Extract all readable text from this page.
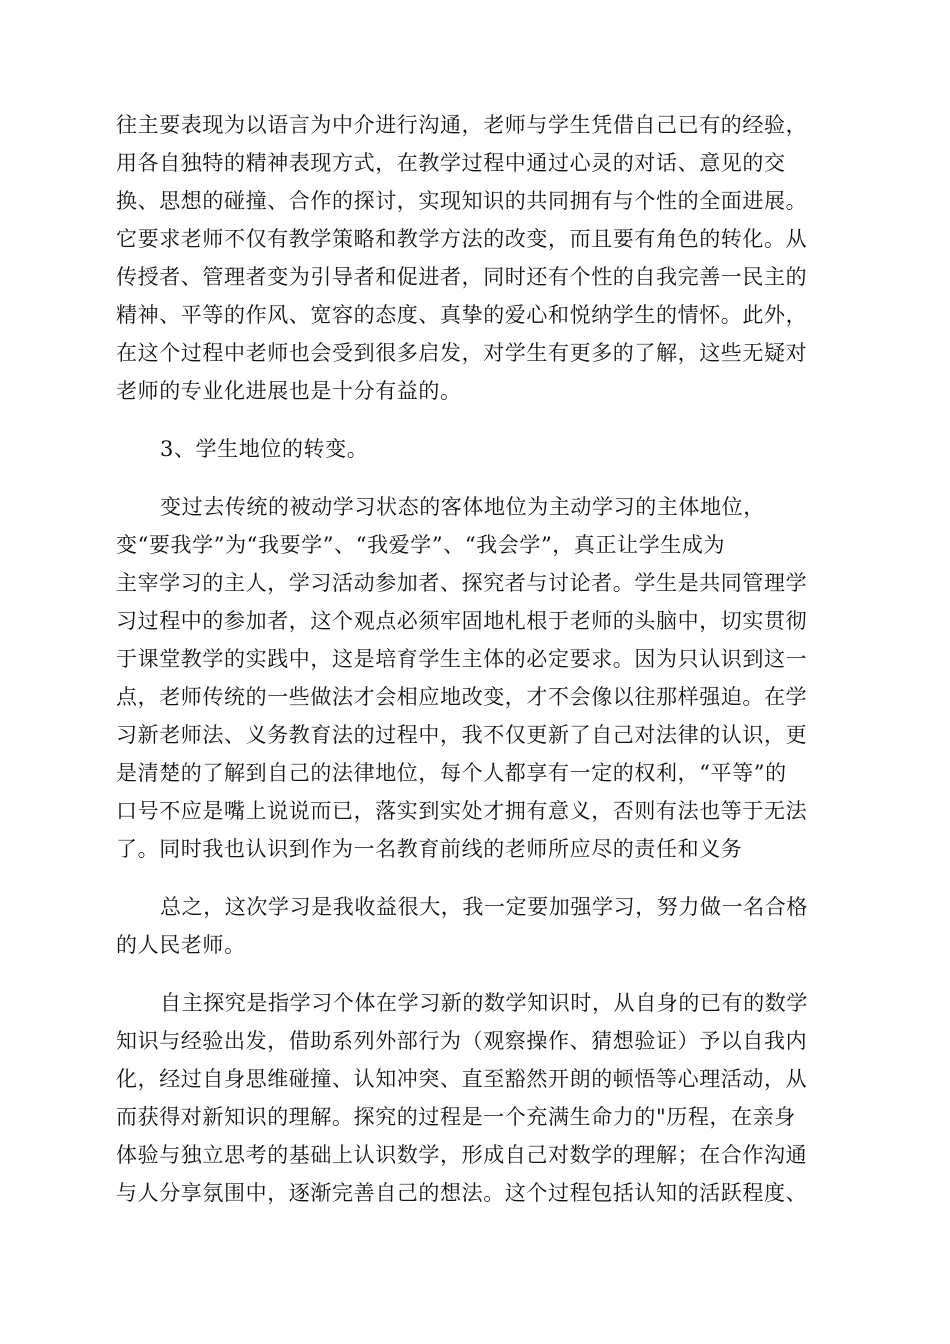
往主要表现为以语言为中介进行沟通，老师与学生凭借自己已有的经验，
用各自独特的精神表现方式，在教学过程中通过心灵的对话、意见的交
换、思想的碰撞、合作的探讨，实现知识的共同拥有与个性的全面进展。
它要求老师不仅有教学策略和教学方法的改变，而且要有角色的转化。从
传授者、管理者变为引导者和促进者，同时还有个性的自我完善一民主的
精神、平等的作风、宽容的态度、真挚的爱心和悦纳学生的情怀。此外，
在这个过程中老师也会受到很多启发，对学生有更多的了解，这些无疑对
老师的专业化进展也是十分有益的。

3、学生地位的转变。

变过去传统的被动学习状态的客体地位为主动学习的主体地位，
变“要我学”为“我要学”、“我爱学”、“我会学”，真正让学生成为
主宰学习的主人，学习活动参加者、探究者与讨论者。学生是共同管理学
习过程中的参加者，这个观点必须牢固地札根于老师的头脑中，切实贯彻
于课堂教学的实践中，这是培育学生主体的必定要求。因为只认识到这一
点，老师传统的一些做法才会相应地改变，才不会像以往那样强迫。在学
习新老师法、义务教育法的过程中，我不仅更新了自己对法律的认识，更
是清楚的了解到自己的法律地位，每个人都享有一定的权利，“平等”的
口号不应是嘴上说说而已，落实到实处才拥有意义，否则有法也等于无法
了。同时我也认识到作为一名教育前线的老师所应尽的责任和义务

总之，这次学习是我收益很大，我一定要加强学习，努力做一名合格
的人民老师。

自主探究是指学习个体在学习新的数学知识时，从自身的已有的数学
知识与经验出发，借助系列外部行为（观察操作、猜想验证）予以自我内
化，经过自身思维碰撞、认知冲突、直至豁然开朗的顿悟等心理活动，从
而获得对新知识的理解。探究的过程是一个充满生命力的"历程，在亲身
体验与独立思考的基础上认识数学，形成自己对数学的理解；在合作沟通
与人分享氛围中，逐渐完善自己的想法。这个过程包括认知的活跃程度、
